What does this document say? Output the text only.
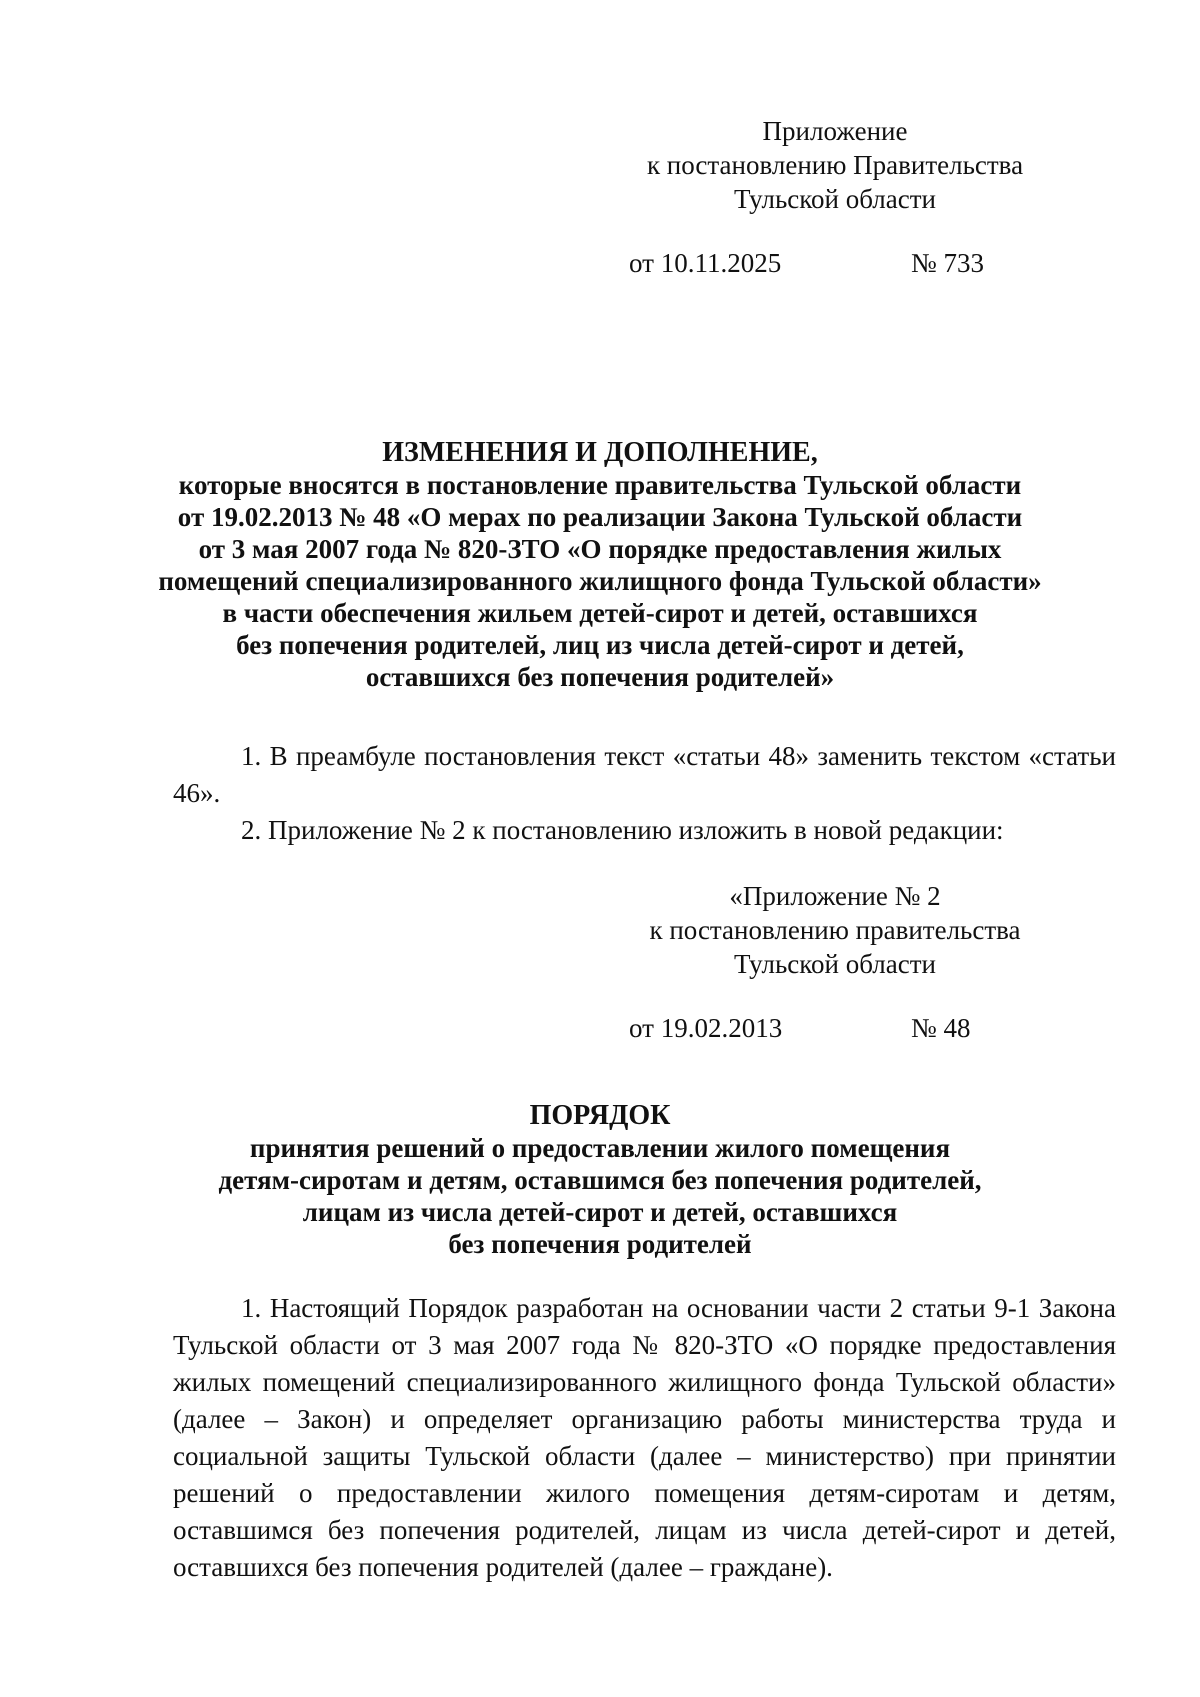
Приложение
к постановлению Правительства
Тульской области
от 10.11.2025	№ 733
ИЗМЕНЕНИЯ И ДОПОЛНЕНИЕ,
которые вносятся в постановление правительства Тульской области
от 19.02.2013 № 48 «О мерах по реализации Закона Тульской области
от 3 мая 2007 года № 820-ЗТО «О порядке предоставления жилых
помещений специализированного жилищного фонда Тульской области»
в части обеспечения жильем детей-сирот и детей, оставшихся
без попечения родителей, лиц из числа детей-сирот и детей,
оставшихся без попечения родителей»
1. В преамбуле постановления текст «статьи 48» заменить текстом «статьи 46».
2. Приложение № 2 к постановлению изложить в новой редакции:
«Приложение № 2
к постановлению правительства
Тульской области
от 19.02.2013	№ 48
ПОРЯДОК
принятия решений о предоставлении жилого помещения
детям-сиротам и детям, оставшимся без попечения родителей,
лицам из числа детей-сирот и детей, оставшихся
без попечения родителей
1. Настоящий Порядок разработан на основании части 2 статьи 9-1 Закона Тульской области от 3 мая 2007 года № 820-ЗТО «О порядке предоставления жилых помещений специализированного жилищного фонда Тульской области» (далее – Закон) и определяет организацию работы министерства труда и социальной защиты Тульской области (далее – министерство) при принятии решений о предоставлении жилого помещения детям-сиротам и детям, оставшимся без попечения родителей, лицам из числа детей-сирот и детей, оставшихся без попечения родителей (далее – граждане).
